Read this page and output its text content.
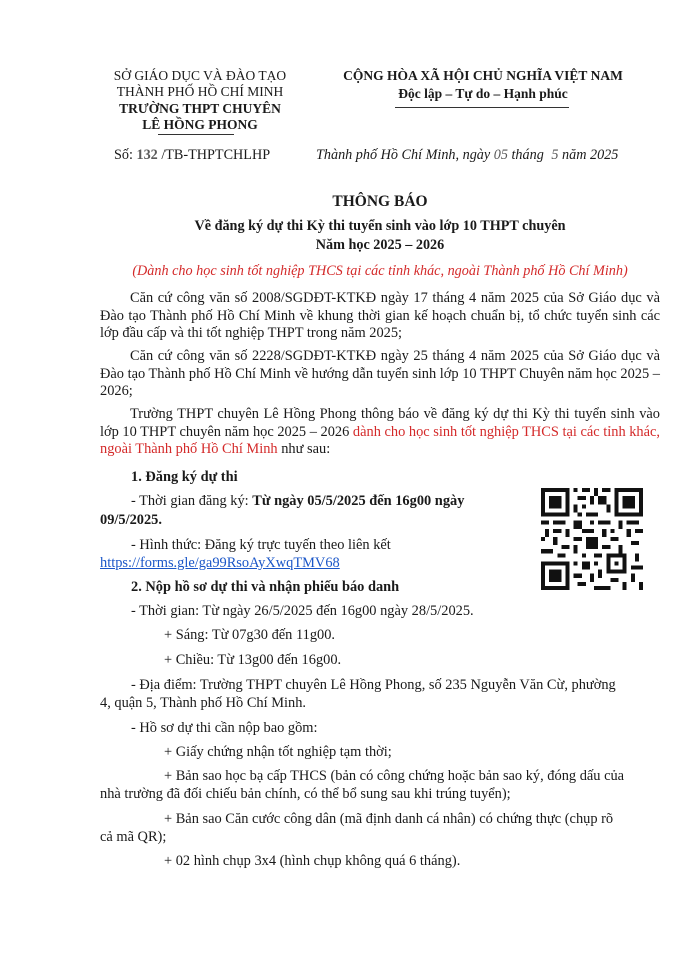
SỞ GIÁO DỤC VÀ ĐÀO TẠO
THÀNH PHỐ HỒ CHÍ MINH
TRƯỜNG THPT CHUYÊN
LÊ HỒNG PHONG
Số: 132 /TB-THPTCHLHP
CỘNG HÒA XÃ HỘI CHỦ NGHĨA VIỆT NAM
Độc lập – Tự do – Hạnh phúc
Thành phố Hồ Chí Minh, ngày 05 tháng 5 năm 2025
THÔNG BÁO
Về đăng ký dự thi Kỳ thi tuyển sinh vào lớp 10 THPT chuyên
Năm học 2025 – 2026
(Dành cho học sinh tốt nghiệp THCS tại các tỉnh khác, ngoài Thành phố Hồ Chí Minh)
Căn cứ công văn số 2008/SGDĐT-KTKĐ ngày 17 tháng 4 năm 2025 của Sở Giáo dục và Đào tạo Thành phố Hồ Chí Minh về khung thời gian kế hoạch chuẩn bị, tổ chức tuyển sinh các lớp đầu cấp và thi tốt nghiệp THPT trong năm 2025;
Căn cứ công văn số 2228/SGDĐT-KTKĐ ngày 25 tháng 4 năm 2025 của Sở Giáo dục và Đào tạo Thành phố Hồ Chí Minh về hướng dẫn tuyển sinh lớp 10 THPT Chuyên năm học 2025 – 2026;
Trường THPT chuyên Lê Hồng Phong thông báo về đăng ký dự thi Kỳ thi tuyển sinh vào lớp 10 THPT chuyên năm học 2025 – 2026 dành cho học sinh tốt nghiệp THCS tại các tỉnh khác, ngoài Thành phố Hồ Chí Minh như sau:
1. Đăng ký dự thi
- Thời gian đăng ký: Từ ngày 05/5/2025 đến 16g00 ngày
09/5/2025.
- Hình thức: Đăng ký trực tuyến theo liên kết
https://forms.gle/ga99RsoAyXwqTMV68
2. Nộp hồ sơ dự thi và nhận phiếu báo danh
- Thời gian: Từ ngày 26/5/2025 đến 16g00 ngày 28/5/2025.
+ Sáng: Từ 07g30 đến 11g00.
+ Chiều: Từ 13g00 đến 16g00.
- Địa điểm: Trường THPT chuyên Lê Hồng Phong, số 235 Nguyễn Văn Cừ, phường
4, quận 5, Thành phố Hồ Chí Minh.
- Hồ sơ dự thi cần nộp bao gồm:
+ Giấy chứng nhận tốt nghiệp tạm thời;
+ Bản sao học bạ cấp THCS (bản có công chứng hoặc bản sao ký, đóng dấu của
nhà trường đã đối chiếu bản chính, có thể bổ sung sau khi trúng tuyển);
+ Bản sao Căn cước công dân (mã định danh cá nhân) có chứng thực (chụp rõ
cả mã QR);
+ 02 hình chụp 3x4 (hình chụp không quá 6 tháng).
